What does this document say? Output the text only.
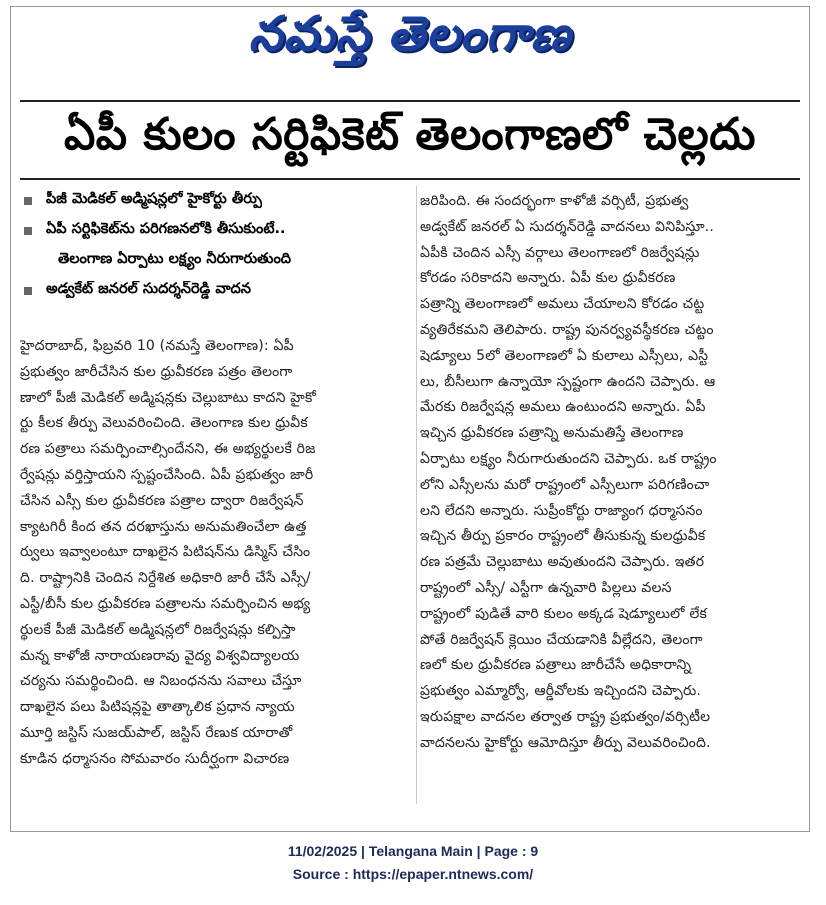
నమస్తే తెలంగాణ
ఏపీ కులం సర్టిఫికెట్ తెలంగాణలో చెల్లదు
పీజీ మెడికల్ అడ్మిషన్లలో హైకోర్టు తీర్పు
ఏపీ సర్టిఫికెట్‌ను పరిగణనలోకి తీసుకుంటే..
తెలంగాణ ఏర్పాటు లక్ష్యం నీరుగారుతుంది
అడ్వకేట్ జనరల్ సుదర్శన్‌రెడ్డి వాదన
హైదరాబాద్, ఫిబ్రవరి 10 (నమస్తే తెలంగాణ): ఏపీ
ప్రభుత్వం జారీచేసిన కుల ధ్రువీకరణ పత్రం తెలంగా
ణాలో పీజీ మెడికల్ అడ్మిషన్లకు చెల్లుబాటు కాదని హైకో
ర్టు కీలక తీర్పు వెలువరించింది. తెలంగాణ కుల ధ్రువీక
రణ పత్రాలు సమర్పించాల్సిందేనని, ఈ అభ్యర్థులకే రిజ
ర్వేషన్లు వర్తిస్తాయని స్పష్టంచేసింది. ఏపీ ప్రభుత్వం జారీ
చేసిన ఎస్సీ కుల ధ్రువీకరణ పత్రాల ద్వారా రిజర్వేషన్
క్యాటగిరీ కింద తన దరఖాస్తును అనుమతించేలా ఉత్త
ర్వులు ఇవ్వాలంటూ దాఖలైన పిటిషన్‌ను డిస్మిస్ చేసిం
ది. రాష్ట్రానికి చెందిన నిర్దేశిత అధికారి జారీ చేసే ఎస్సీ/
ఎస్టీ/బీసీ కుల ధ్రువీకరణ పత్రాలను సమర్పించిన అభ్య
ర్థులకే పీజీ మెడికల్ అడ్మిషన్లలో రిజర్వేషన్లు కల్పిస్తా
మన్న కాళోజీ నారాయణరావు వైద్య విశ్వవిద్యాలయ
చర్యను సమర్థించింది. ఆ నిబంధనను సవాలు చేస్తూ
దాఖలైన పలు పిటిషన్లపై తాత్కాలిక ప్రధాన న్యాయ
మూర్తి జస్టిస్ సుజయ్‌పాల్, జస్టిస్ రేణుక యారాతో
కూడిన ధర్మాసనం సోమవారం సుదీర్ఘంగా విచారణ
జరిపింది. ఈ సందర్భంగా కాళోజీ వర్సిటీ, ప్రభుత్వ
అడ్వకేట్ జనరల్ ఏ సుదర్శన్‌రెడ్డి వాదనలు వినిపిస్తూ..
ఏపీకి చెందిన ఎస్సీ వర్గాలు తెలంగాణలో రిజర్వేషన్లు
కోరడం సరికాదని అన్నారు. ఏపీ కుల ధ్రువీకరణ
పత్రాన్ని తెలంగాణలో అమలు చేయాలని కోరడం చట్ట
వ్యతిరేకమని తెలిపారు. రాష్ట్ర పునర్వ్యవస్థీకరణ చట్టం
షెడ్యూలు 5లో తెలంగాణలో ఏ కులాలు ఎస్సీలు, ఎస్టీ
లు, బీసీలుగా ఉన్నాయో స్పష్టంగా ఉందని చెప్పారు. ఆ
మేరకు రిజర్వేషన్ల అమలు ఉంటుందని అన్నారు. ఏపీ
ఇచ్చిన ధ్రువీకరణ పత్రాన్ని అనుమతిస్తే తెలంగాణ
ఏర్పాటు లక్ష్యం నీరుగారుతుందని చెప్పారు. ఒక రాష్ట్రం
లోని ఎస్సీలను మరో రాష్ట్రంలో ఎస్సీలుగా పరిగణించా
లని లేదని అన్నారు. సుప్రీంకోర్టు రాజ్యాంగ ధర్మాసనం
ఇచ్చిన తీర్పు ప్రకారం రాష్ట్రంలో తీసుకున్న కులధ్రువీక
రణ పత్రమే చెల్లుబాటు అవుతుందని చెప్పారు. ఇతర
రాష్ట్రంలో ఎస్సీ/ ఎస్టీగా ఉన్నవారి పిల్లలు వలస
రాష్ట్రంలో పుడితే వారి కులం అక్కడ షెడ్యూలులో లేక
పోతే రిజర్వేషన్ క్లెయిం చేయడానికి వీల్లేదని, తెలంగా
ణలో కుల ధ్రువీకరణ పత్రాలు జారీచేసే అధికారాన్ని
ప్రభుత్వం ఎమ్మార్వో, ఆర్డీవోలకు ఇచ్చిందని చెప్పారు.
ఇరుపక్షాల వాదనల తర్వాత రాష్ట్ర ప్రభుత్వం/వర్సిటీల
వాదనలను హైకోర్టు ఆమోదిస్తూ తీర్పు వెలువరించింది.
11/02/2025 | Telangana Main | Page : 9
Source : https://epaper.ntnews.com/
